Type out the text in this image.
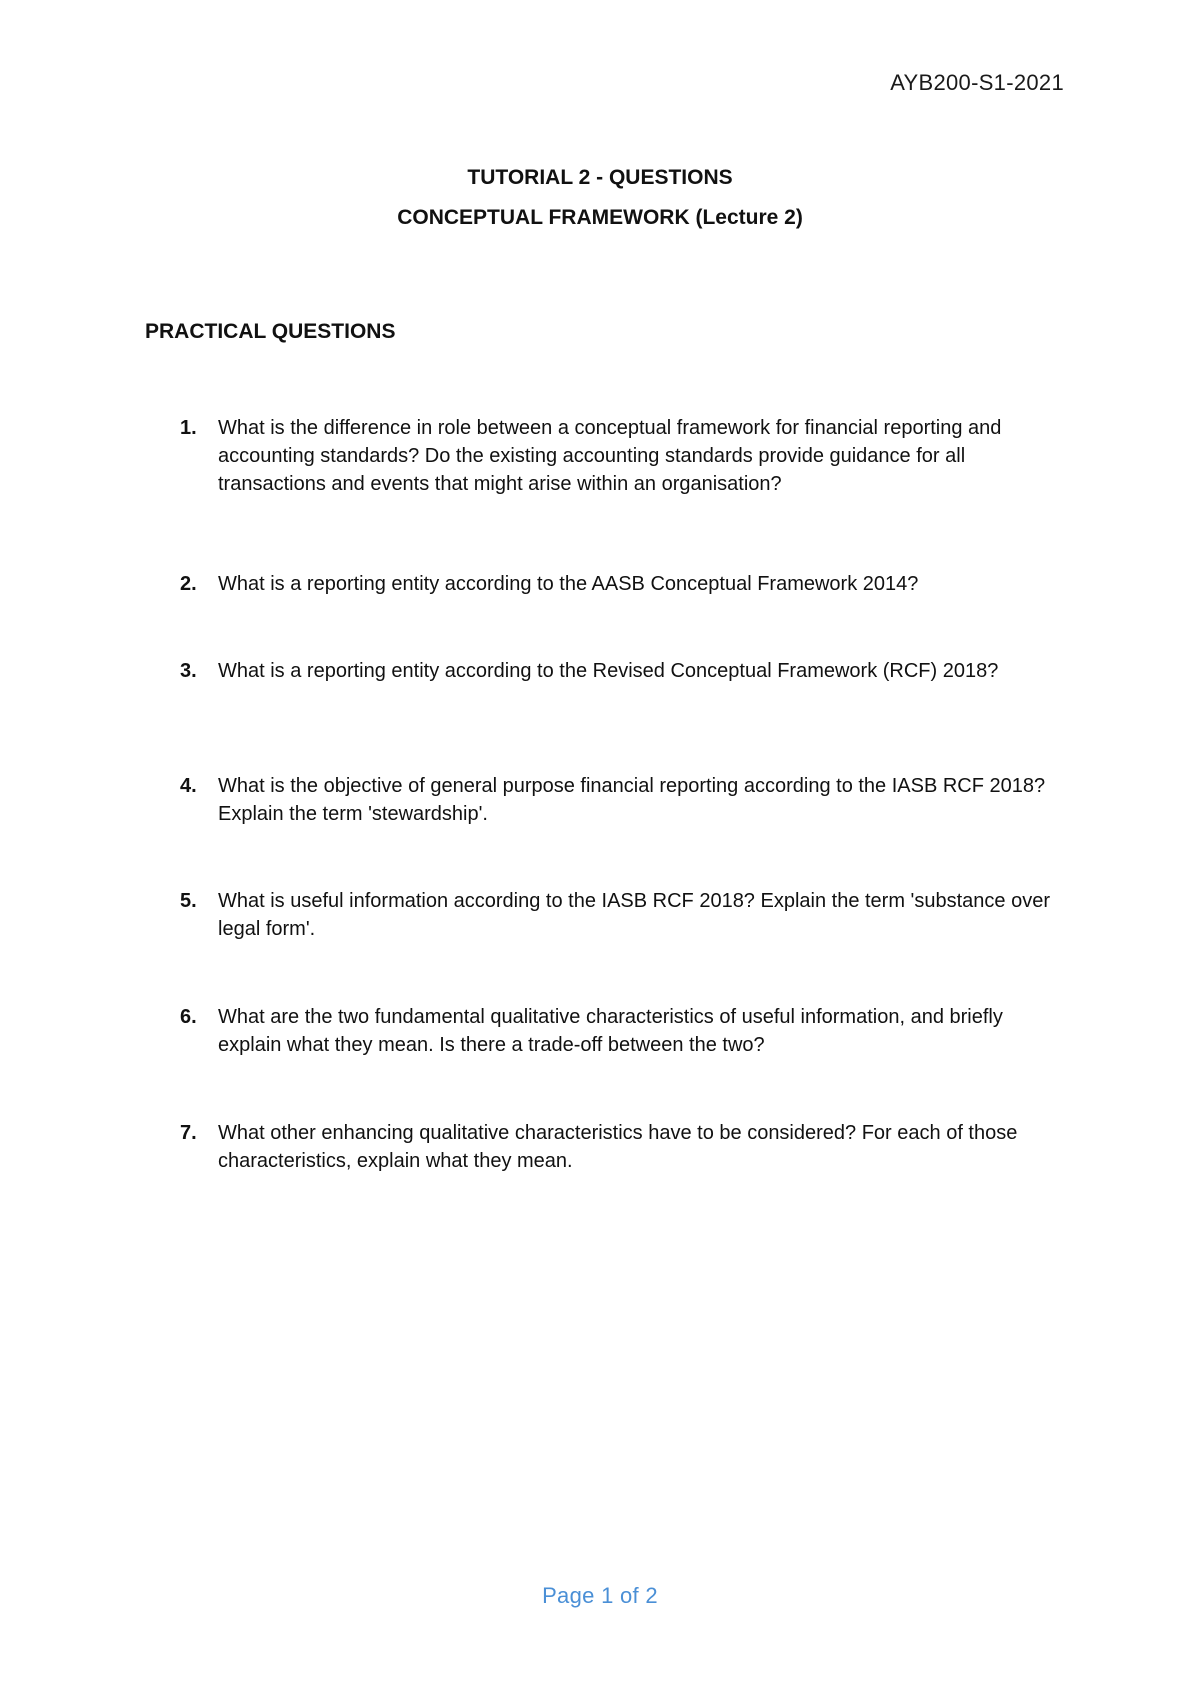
AYB200-S1-2021
TUTORIAL 2 - QUESTIONS
CONCEPTUAL FRAMEWORK (Lecture 2)
PRACTICAL QUESTIONS
1. What is the difference in role between a conceptual framework for financial reporting and accounting standards? Do the existing accounting standards provide guidance for all transactions and events that might arise within an organisation?
2. What is a reporting entity according to the AASB Conceptual Framework 2014?
3. What is a reporting entity according to the Revised Conceptual Framework (RCF) 2018?
4. What is the objective of general purpose financial reporting according to the IASB RCF 2018? Explain the term 'stewardship'.
5. What is useful information according to the IASB RCF 2018? Explain the term 'substance over legal form'.
6. What are the two fundamental qualitative characteristics of useful information, and briefly explain what they mean. Is there a trade-off between the two?
7. What other enhancing qualitative characteristics have to be considered? For each of those characteristics, explain what they mean.
Page 1 of 2
